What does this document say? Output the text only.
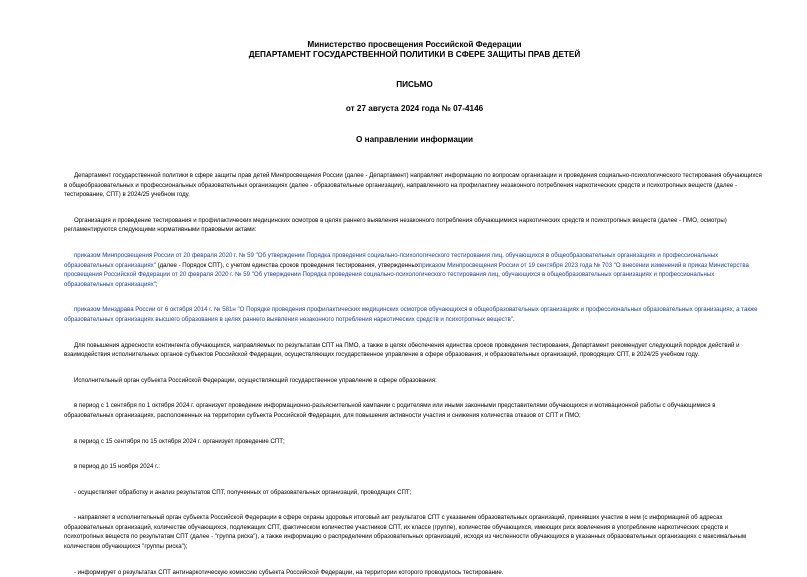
Министерство просвещения Российской Федерации
ДЕПАРТАМЕНТ ГОСУДАРСТВЕННОЙ ПОЛИТИКИ В СФЕРЕ ЗАЩИТЫ ПРАВ ДЕТЕЙ
ПИСЬМО
от 27 августа 2024 года № 07-4146
О направлении информации

Департамент государственной политики в сфере защиты прав детей Минпросвещения России (далее - Департамент) направляет информацию по вопросам организации и проведения социально-психологического тестирования обучающихся в общеобразовательных и профессиональных образовательных организациях (далее - образовательные организации), направленного на профилактику незаконного потребления наркотических средств и психотропных веществ (далее - тестирование, СПТ) в 2024/25 учебном году.

Организация и проведение тестирования и профилактических медицинских осмотров в целях раннего выявления незаконного потребления обучающимися наркотических средств и психотропных веществ (далее - ПМО, осмотры) регламентируются следующими нормативными правовыми актами:

приказом Минпросвещения России от 20 февраля 2020 г. № 59 "Об утверждении Порядка проведения социально-психологического тестирования лиц, обучающихся в общеобразовательных организациях и профессиональных образовательных организациях" (далее - Порядок СПТ), с учетом единства сроков проведения тестирования, утвержденныхприказом Минпросвещения России от 19 сентября 2023 года № 703 "О внесении изменений в приказ Министерства просвещения Российской Федерации от 20 февраля 2020 г. № 59 "Об утверждении Порядка проведения социально-психологического тестирования лиц, обучающихся в общеобразовательных организациях и профессиональных образовательных организациях";

приказом Минздрава России от 6 октября 2014 г. № 581н "О Порядке проведения профилактических медицинских осмотров обучающихся в общеобразовательных организациях и профессиональных образовательных организациях, а также образовательных организациях высшего образования в целях раннего выявления незаконного потребления наркотических средств и психотропных веществ".

Для повышения адресности контингента обучающихся, направляемых по результатам СПТ на ПМО, а также в целях обеспечения единства сроков проведения тестирования, Департамент рекомендует следующий порядок действий и взаимодействия исполнительных органов субъектов Российской Федерации, осуществляющих государственное управление в сфере образования, и образовательных организаций, проводящих СПТ, в 2024/25 учебном году.

Исполнительный орган субъекта Российской Федерации, осуществляющий государственное управление в сфере образования:

в период с 1 сентября по 1 октября 2024 г. организует проведение информационно-разъяснительной кампании с родителями или иными законными представителями обучающихся и мотивационной работы с обучающимися в образовательных организациях, расположенных на территории субъекта Российской Федерации, для повышения активности участия и снижения количества отказов от СПТ и ПМО;

в период с 15 сентября по 15 октября 2024 г. организует проведение СПТ;

в период до 15 ноября 2024 г.:

- осуществляет обработку и анализ результатов СПТ, полученных от образовательных организаций, проводящих СПТ;

- направляет в исполнительный орган субъекта Российской Федерации в сфере охраны здоровья итоговый акт результатов СПТ с указанием образовательных организаций, принявших участие в нем (с информацией об адресах образовательных организаций, количестве обучающихся, подлежащих СПТ, фактическом количестве участников СПТ, их классе (группе), количестве обучающихся, имеющих риск вовлечения в употребление наркотических средств и психотропных веществ по результатам СПТ (далее - "группа риска"), а также информацию о распределении образовательных организаций, исходя из численности обучающихся в указанных образовательных организациях с максимальным количеством обучающихся "группы риска");

- информирует о результатах СПТ антинаркотическую комиссию субъекта Российской Федерации, на территории которого проводилось тестирование.
